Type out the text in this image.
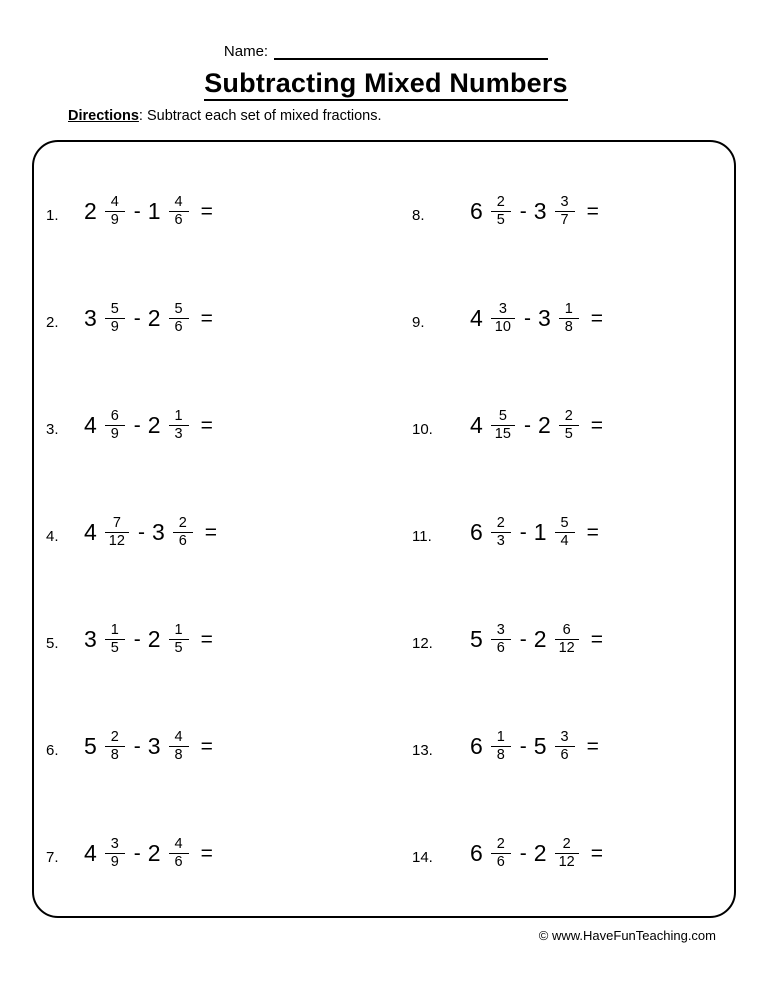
Name:
Subtracting Mixed Numbers
Directions: Subtract each set of mixed fractions.
1.	$2 \frac{4}{9} - 1 \frac{4}{6}$ =
2.	$3 \frac{5}{9} - 2 \frac{5}{6}$ =
3.	$4 \frac{6}{9} - 2 \frac{1}{3}$ =
4.	$4 \frac{7}{12} - 3 \frac{2}{6}$ =
5.	$3 \frac{1}{5} - 2 \frac{1}{5}$ =
6.	$5 \frac{2}{8} - 3 \frac{4}{8}$ =
7.	$4 \frac{3}{9} - 2 \frac{4}{6}$ =
8.	$6 \frac{2}{5} - 3 \frac{3}{7}$ =
9.	$4 \frac{3}{10} - 3 \frac{1}{8}$ =
10.	$4 \frac{5}{15} - 2 \frac{2}{5}$ =
11.	$6 \frac{2}{3} - 1 \frac{5}{4}$ =
12.	$5 \frac{3}{6} - 2 \frac{6}{12}$ =
13.	$6 \frac{1}{8} - 5 \frac{3}{6}$ =
14.	$6 \frac{2}{6} - 2 \frac{2}{12}$ =
© www.HaveFunTeaching.com
